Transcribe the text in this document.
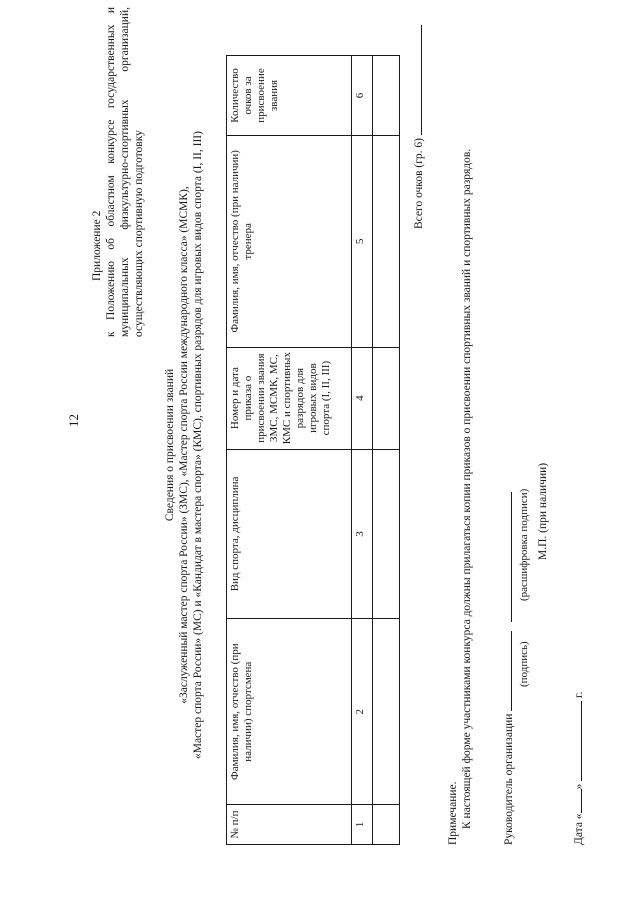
12
Приложение 2 к Положению об областном конкурсе государственных и муниципальных физкультурно-спортивных организаций, осуществляющих спортивную подготовку
Сведения о присвоении званий «Заслуженный мастер спорта России» (ЗМС), «Мастер спорта России международного класса» (МСМК), «Мастер спорта России» (МС) и «Кандидат в мастера спорта» (КМС), спортивных разрядов для игровых видов спорта (I, II, III)
№ п/п	Фамилия, имя, отчество (при наличии) спортсмена	Вид спорта, дисциплина	Номер и дата приказа о присвоении звания ЗМС, МСМК, МС, КМС и спортивных разрядов для игровых видов спорта (I, II, III)	Фамилия, имя, отчество (при наличии) тренера	Количество очков за присвоение звания
1	2	3	4	5	6

Всего очков (гр. 6)
Примечание. К настоящей форме участниками конкурса должны прилагаться копии приказов о присвоении спортивных званий и спортивных разрядов.	Руководитель организации
(подпись)
(расшифровка подписи) М.П. (при наличии)
Дата «»  г.
